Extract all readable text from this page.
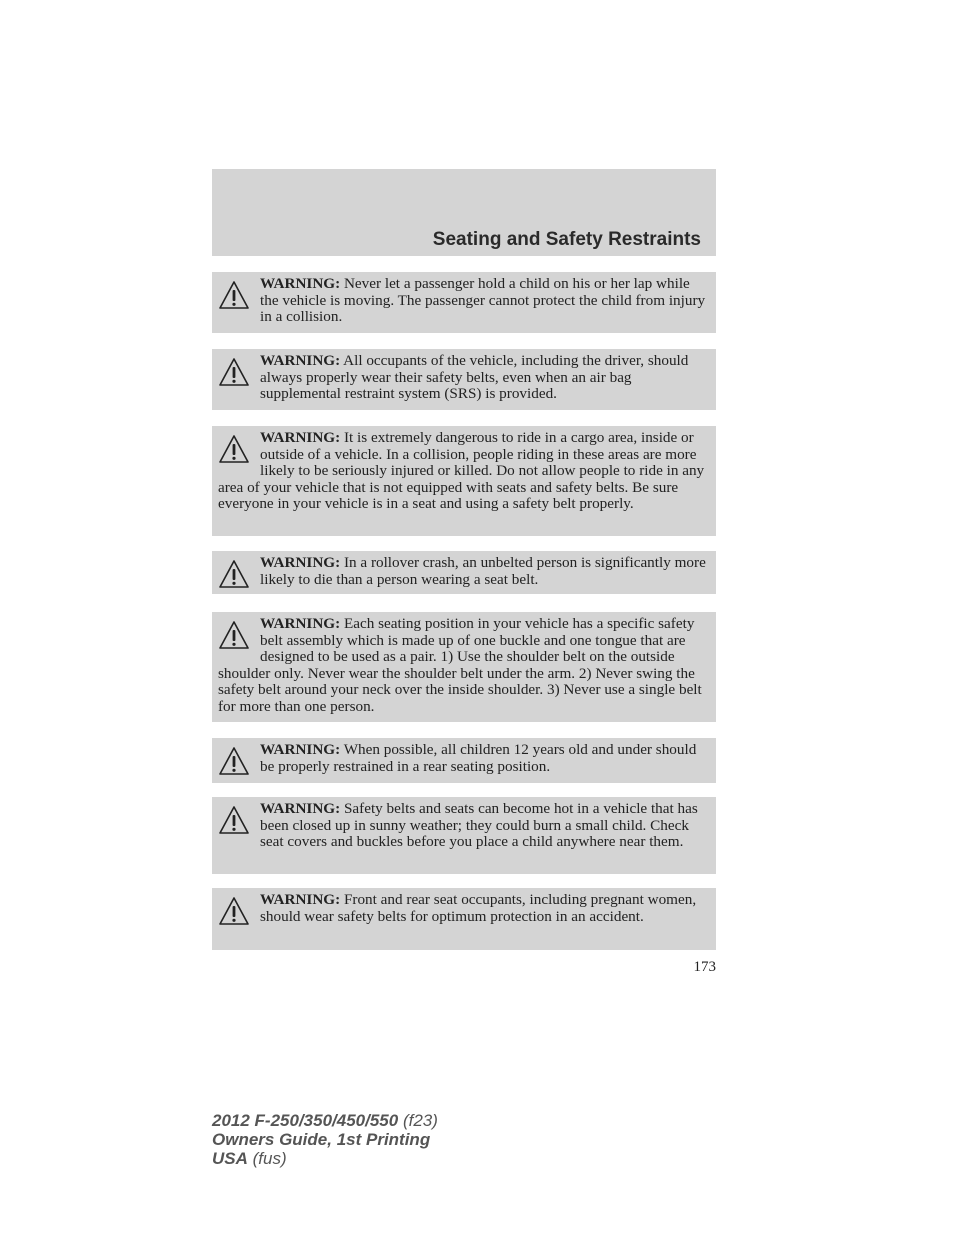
Seating and Safety Restraints
WARNING: Never let a passenger hold a child on his or her lap while the vehicle is moving. The passenger cannot protect the child from injury in a collision.
WARNING: All occupants of the vehicle, including the driver, should always properly wear their safety belts, even when an air bag supplemental restraint system (SRS) is provided.
WARNING: It is extremely dangerous to ride in a cargo area, inside or outside of a vehicle. In a collision, people riding in these areas are more likely to be seriously injured or killed. Do not allow people to ride in any area of your vehicle that is not equipped with seats and safety belts. Be sure everyone in your vehicle is in a seat and using a safety belt properly.
WARNING: In a rollover crash, an unbelted person is significantly more likely to die than a person wearing a seat belt.
WARNING: Each seating position in your vehicle has a specific safety belt assembly which is made up of one buckle and one tongue that are designed to be used as a pair. 1) Use the shoulder belt on the outside shoulder only. Never wear the shoulder belt under the arm. 2) Never swing the safety belt around your neck over the inside shoulder. 3) Never use a single belt for more than one person.
WARNING: When possible, all children 12 years old and under should be properly restrained in a rear seating position.
WARNING: Safety belts and seats can become hot in a vehicle that has been closed up in sunny weather; they could burn a small child. Check seat covers and buckles before you place a child anywhere near them.
WARNING: Front and rear seat occupants, including pregnant women, should wear safety belts for optimum protection in an accident.
173
2012 F-250/350/450/550 (f23)
Owners Guide, 1st Printing
USA (fus)
